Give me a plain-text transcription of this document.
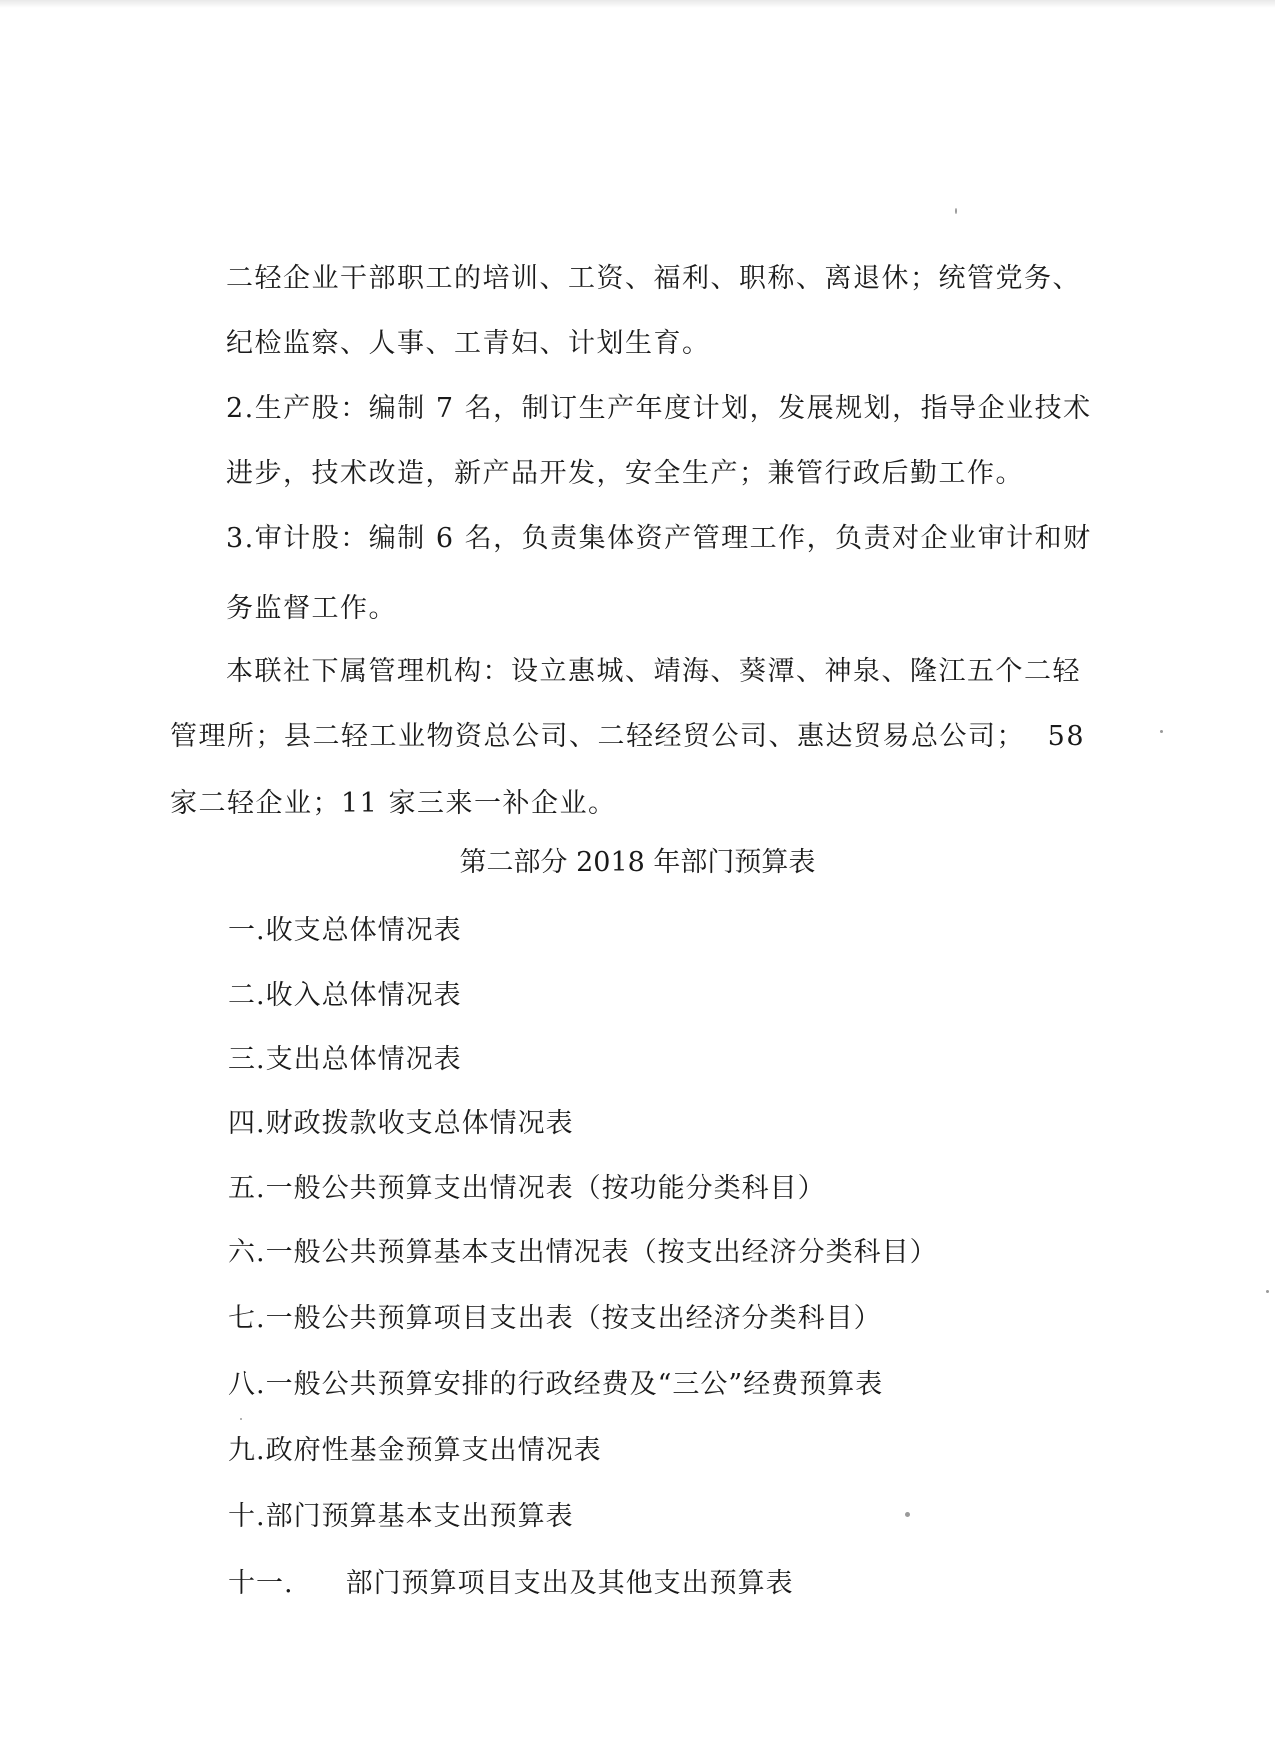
二轻企业干部职工的培训、工资、福利、职称、离退休；统管党务、
纪检监察、人事、工青妇、计划生育。
2.生产股：编制 7 名，制订生产年度计划，发展规划，指导企业技术
进步，技术改造，新产品开发，安全生产；兼管行政后勤工作。
3.审计股：编制 6 名，负责集体资产管理工作，负责对企业审计和财
务监督工作。
本联社下属管理机构：设立惠城、靖海、葵潭、神泉、隆江五个二轻
管理所；县二轻工业物资总公司、二轻经贸公司、惠达贸易总公司； 58
家二轻企业；11 家三来一补企业。
第二部分 2018 年部门预算表
一.收支总体情况表
二.收入总体情况表
三.支出总体情况表
四.财政拨款收支总体情况表
五.一般公共预算支出情况表（按功能分类科目）
六.一般公共预算基本支出情况表（按支出经济分类科目）
七.一般公共预算项目支出表（按支出经济分类科目）
八.一般公共预算安排的行政经费及“三公”经费预算表
九.政府性基金预算支出情况表
十.部门预算基本支出预算表
十一. 部门预算项目支出及其他支出预算表
